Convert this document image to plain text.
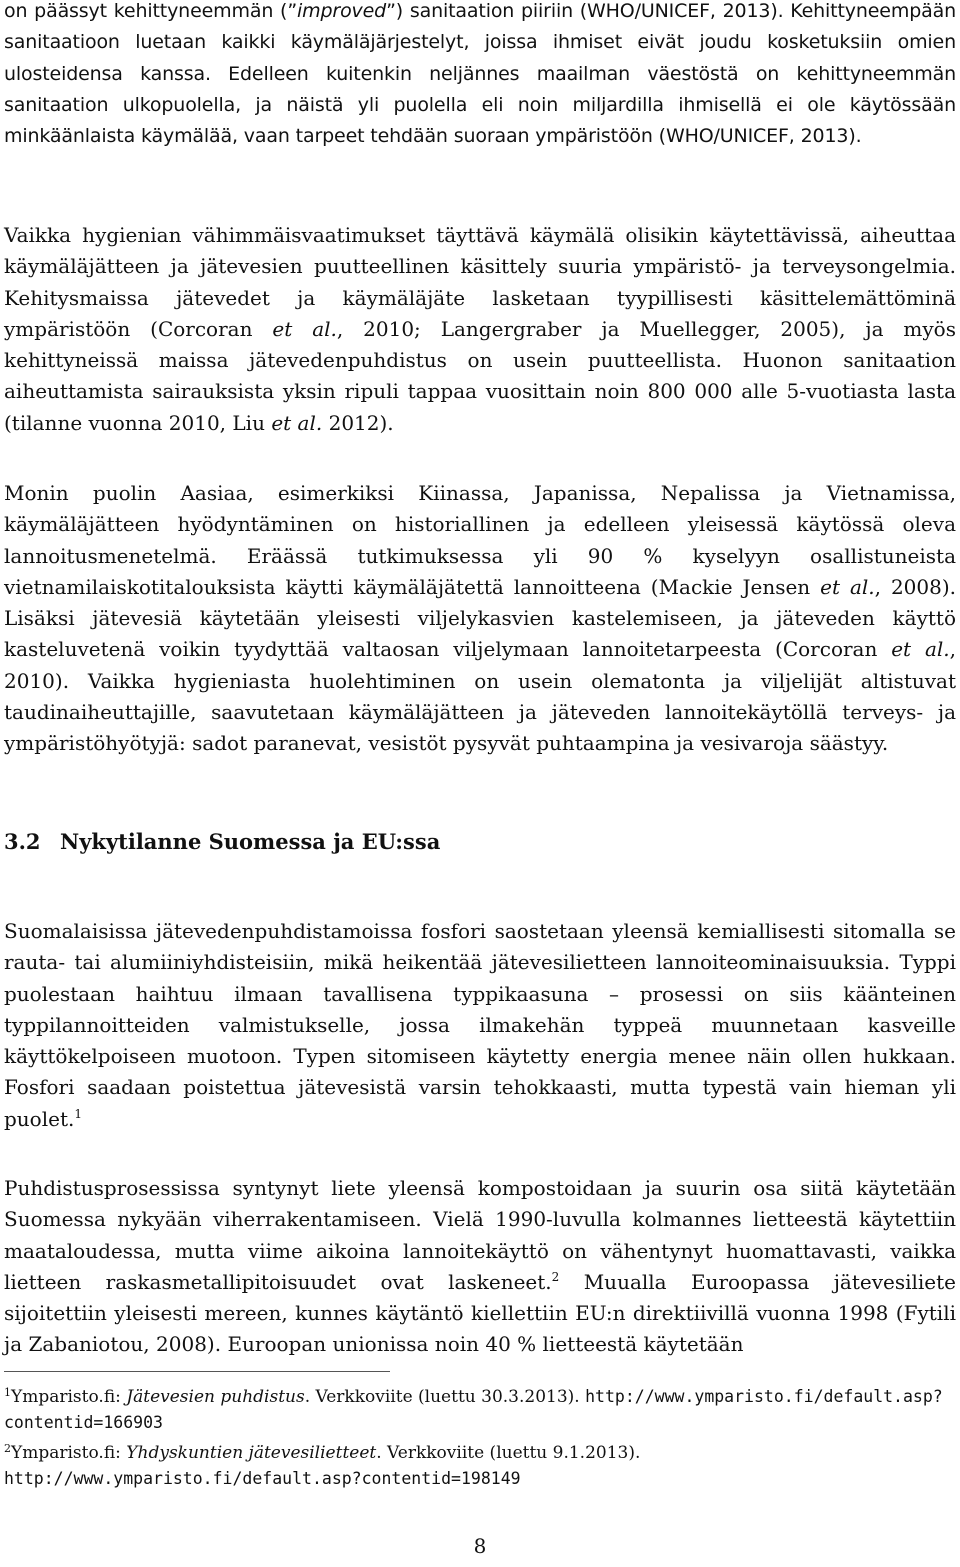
on päässyt kehittyneemmän (”improved”) sanitaation piiriin (WHO/UNICEF, 2013). Kehittyneempään sanitaatioon luetaan kaikki käymäläjärjestelyt, joissa ihmiset eivät joudu kosketuksiin omien ulosteidensa kanssa. Edelleen kuitenkin neljännes maailman väestöstä on kehittyneemmän sanitaation ulkopuolella, ja näistä yli puolella eli noin miljardilla ihmisellä ei ole käytössään minkäänlaista käymälää, vaan tarpeet tehdään suoraan ympäristöön (WHO/UNICEF, 2013).

Vaikka hygienian vähimmäisvaatimukset täyttävä käymälä olisikin käytettävissä, aiheuttaa käymäläjätteen ja jätevesien puutteellinen käsittely suuria ympäristö- ja terveysongelmia. Kehitysmaissa jätevedet ja käymäläjäte lasketaan tyypillisesti käsittelemättöminä ympäristöön (Corcoran et al., 2010; Langergraber ja Muellegger, 2005), ja myös kehittyneissä maissa jätevedenpuhdistus on usein puutteellista. Huonon sanitaation aiheuttamista sairauksista yksin ripuli tappaa vuosittain noin 800 000 alle 5-vuotiasta lasta (tilanne vuonna 2010, Liu et al. 2012).

Monin puolin Aasiaa, esimerkiksi Kiinassa, Japanissa, Nepalissa ja Vietnamissa, käymäläjätteen hyödyntäminen on historiallinen ja edelleen yleisessä käytössä oleva lannoitusmenetelmä. Eräässä tutkimuksessa yli 90 % kyselyyn osallistuneista vietnamilaiskotitalouksista käytti käymäläjätettä lannoitteena (Mackie Jensen et al., 2008). Lisäksi jätevesiä käytetään yleisesti viljelykasvien kastelemiseen, ja jäteveden käyttö kasteluvetenä voikin tyydyttää valtaosan viljelymaan lannoitetarpeesta (Corcoran et al., 2010). Vaikka hygieniasta huolehtiminen on usein olematonta ja viljelijät altistuvat taudinaiheuttajille, saavutetaan käymäläjätteen ja jäteveden lannoitekäytöllä terveys- ja ympäristöhyötyjä: sadot paranevat, vesistöt pysyvät puhtaampina ja vesivaroja säästyy.

3.2 Nykytilanne Suomessa ja EU:ssa

Suomalaisissa jätevedenpuhdistamoissa fosfori saostetaan yleensä kemiallisesti sitomalla se rauta- tai alumiiniyhdisteisiin, mikä heikentää jätevesilietteen lannoiteominaisuuksia. Typpi puolestaan haihtuu ilmaan tavallisena typpikaasuna – prosessi on siis käänteinen typpilannoitteiden valmistukselle, jossa ilmakehän typpeä muunnetaan kasveille käyttökelpoiseen muotoon. Typen sitomiseen käytetty energia menee näin ollen hukkaan. Fosfori saadaan poistettua jätevesistä varsin tehokkaasti, mutta typestä vain hieman yli puolet.$^1$

Puhdistusprosessissa syntynyt liete yleensä kompostoidaan ja suurin osa siitä käytetään Suomessa nykyään viherrakentamiseen. Vielä 1990-luvulla kolmannes lietteestä käytettiin maataloudessa, mutta viime aikoina lannoitekäyttö on vähentynyt huomattavasti, vaikka lietteen raskasmetallipitoisuudet ovat laskeneet.$^2$ Muualla Euroopassa jätevesiliete sijoitettiin yleisesti mereen, kunnes käytäntö kiellettiin EU:n direktiivillä vuonna 1998 (Fytili ja Zabaniotou, 2008). Euroopan unionissa noin 40 % lietteestä käytetään

$^1$Ymparisto.fi: Jätevesien puhdistus. Verkkoviite (luettu 30.3.2013). http://www.ymparisto.fi/default.asp?contentid=166903
$^2$Ymparisto.fi: Yhdyskuntien jätevesilietteet. Verkkoviite (luettu 9.1.2013). http://www.ymparisto.fi/default.asp?contentid=198149
8
